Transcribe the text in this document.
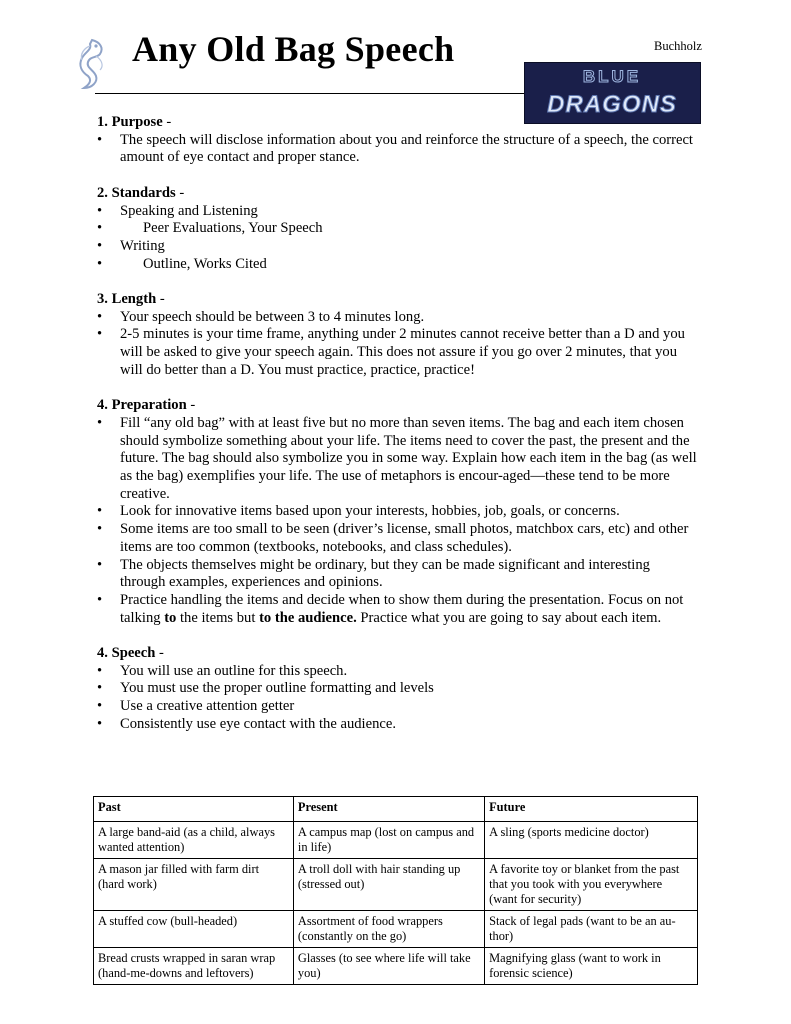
Any Old Bag Speech	Buchholz
BLUE
DRAGONS
1. Purpose -
• The speech will disclose information about you and reinforce the structure of a speech, the correct amount of eye contact and proper stance.
2. Standards -
• Speaking and Listening
• Peer Evaluations, Your Speech
• Writing
• Outline, Works Cited
3. Length -
• Your speech should be between 3 to 4 minutes long.
• 2-5 minutes is your time frame, anything under 2 minutes cannot receive better than a D and you will be asked to give your speech again. This does not assure if you go over 2 minutes, that you will do better than a D. You must practice, practice, practice!
4. Preparation -
• Fill “any old bag” with at least five but no more than seven items. The bag and each item chosen should symbolize something about your life. The items need to cover the past, the present and the future. The bag should also symbolize you in some way. Explain how each item in the bag (as well as the bag) exemplifies your life. The use of metaphors is encour-aged—these tend to be more creative.
• Look for innovative items based upon your interests, hobbies, job, goals, or concerns.
• Some items are too small to be seen (driver’s license, small photos, matchbox cars, etc) and other items are too common (textbooks, notebooks, and class schedules).
• The objects themselves might be ordinary, but they can be made significant and interesting through examples, experiences and opinions.
• Practice handling the items and decide when to show them during the presentation. Focus on not talking to the items but to the audience. Practice what you are going to say about each item.
4. Speech -
• You will use an outline for this speech.
• You must use the proper outline formatting and levels
• Use a creative attention getter
• Consistently use eye contact with the audience.
Past	Present	Future
A large band-aid (as a child, always wanted attention)	A campus map (lost on campus and in life)	A sling (sports medicine doctor)
A mason jar filled with farm dirt (hard work)	A troll doll with hair standing up (stressed out)	A favorite toy or blanket from the past that you took with you everywhere (want for security)
A stuffed cow (bull-headed)	Assortment of food wrappers (constantly on the go)	Stack of legal pads (want to be an au-thor)
Bread crusts wrapped in saran wrap (hand-me-downs and leftovers)	Glasses (to see where life will take you)	Magnifying glass (want to work in forensic science)
